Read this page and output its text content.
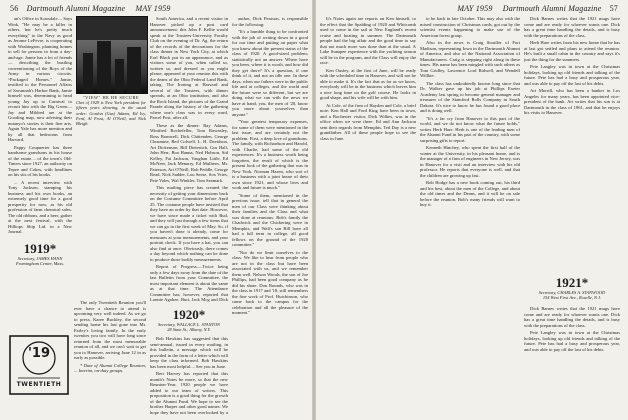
56 Dartmouth Alumni Magazine MAY 1959	MAY 1959 Dartmouth Alumni Magazine 57

an's Office in Scarsdale.... Says Wink, "He may be a killer in others, but he's pretty much everything" to the Navy as good as Jerome LeFevre, is cooperating with Washington, planning homes to sell for persons in from a day-and-age. Jamie has a lot of friends— describing the bustling conventioning of the Boys of the Army in various circuits. “Packaged Homes.” Jamie, testified to the Personnel Affairs of Savannah's Harbor Bank, Jamie himself was, determining to head young Jay up to Carnival to recruit him with the Big Green.... Jay and Mildred are at the Gooding map, now advising their nutanyo's stories is their fine arts. Again Yale has more mention and by all that bedrooms from Harvard.

Pappy Coupnerter has three handsome grandsons in his house of the estate.... of the town's Old-Timers since 1927, an authority on Tepee and Cokes, with headlines on his sits of his books.

... A recent interview with Tony Jackson, stamping his business and his own books, an extremely good time for a good prosperity for now, as his old profession of farm chemical sales. The old ribbons, and a beer, gather at the next festival, with the Hilltops Ship Ltd. in a New Journal.

1919*
Secretary, JAMES HANN
Framingham Center, Mass.
'19
TWENTIETH

The only Twentieth Reunion you'll ever have a chance to attend is upcoming very well indeed. As we go to press, Karee Buckley, the second sending home his last gone into Mr. Farley's loving family. In the early twenties you two will have long since returned from the most memorable reunion of all, and we can't wait to get you to Hanover, arriving June 12 in as early as possible.

* Date of Alumni College Reunion, ... Interim, on-duty groups.

"VIEW" HE HE SECURE
Chet of 1929 is New York president for fifteen years showing, in the usual order: Gordon (Gus) Adams, Ed Ivy, Ferd, Al Frost, Al O'Neill, and Nick Bleigh.

South America, and a recent visitor in Hanover picked up a post card announcement: this John F. Kellie would speak at the Trustees-University Faculty Club on the evening of Dr. Ag. the return of the records of the decorations for the class dinner in New York City, at which Earl Black put in an appearance, and as visitors some of you, when called so, written so, and dressed as you might please, appeared at your reunion this with the deans of the Ohio Federal Land Bank, taking. The Ironing at Harvard and several of the Trustees, with dinner spreads, at an Ohio institution, and also the Rock Island, the pictures of the Grand Parade along the history of the gathering where one's class was in every ward, Parcel Post, after all.

These as the dinner: Ray Adams, Winifred Rochefeller, Tom Rawnsley, Ross Branwell, Dick Chittenden, George Chusmine, Red Colwell, L. H. Davidson, Art Dickenson, Bill Dieteritch, Gus Hall, John Herr, Boa Hanna, Ned Hobson, Sid Kelley, Fat Jackson, Vaughan Little, Ed McNeer, Jack Menarry, Ed Mulhern, Mr. Paterson, Art O'Neill, Bob Peddle, George Read, Nick Sadder, Lou Seese, Sox Vries, Pete Voles, Wal Winkler, Tom Seamark.

This mailing piece has created the necessity of getting your dimensions back on the Costume Committee before April 25. The costume people have insisted that they have an order by that date. However, we have since made a ticket with Bud, and they will just through a few items that we can go in the first week of May. So, if you haven't done it already, come for measures at your measurements, and your portrait check. If you have a hat, you can also find at once. Obviously, there comes a day beyond which nothing can be done to produce those bodily measurements.

Report of Progress.—Twice being only a few days away from the date of the last Bulletin from your Committee, the most important element is about the same as at that time. The Attendance Committee has, however, reported that Lonnie Agohee, Burt, Jack Mcg and Dick

1920*
Secretary, WALLACE L. STANTON
28 State St., Albany, N.Y.

Bob Hawkins has suggested that this semi-annual, issued in every mailing, in this bulletin, a message which will be provided in the form of a letter which will keep the class informed. Bob Hawkins has been most helpful.... See you in June.

Bert Harvey has reported that this month's Notes be more, so that the new Reunion-Year, 1920 people we have added to our team of writers. This proposition is a good thing for the growth of the Alumni Fund. We hope to see the brother Harper and other good names. We hope they have not been overlooked by a

author, Dick Pearson, is responsible for the following:

"It's a humble thing to be confronted with the job of writing down in a good for our time and putting on paper what you know about the present status of the class of 1920. A good-sized problem; statistically not an answer. Where have you been, where it is worth, and how did they get there? It's a question, if one think of it, and not an idle one. In these days, when our fathers were in the public life and at colleges, and the world and the future were so different, but we are doing what we can with the news we have at hand, you, the men of '20, know you more about yourselves than anyone."

"Your greatest temporary expenses, for some of them were mentioned in the last issue, and are certainly not the problem. First, a deep love of grandsons. The family, with Richardson and Harold, with Charlie, had some of the old experiences. It's a business worth being forgotten, the result of which is the present look of the gathering that was in New York. Norman Hazen, who sort of is a business with a joint house of their own since 1921, and whose lives and work and future is much."

"Some of them, mentioned in the previous issue, tell that in general the men of our Class were thinking about their families and the Class and what was done at reunions. Bob's family the Chadwick and the Chickering were in Memphis, and Walt's son Bill have all had a full term in college, all good fellows on the ground of the 1920 committee."

"Nor do we limit ourselves to the class. We like to hear from people who are not in the class but have been associated with us, and we remember them well. Nelson Woods, the son of Joe Phillips, had been good company as he did his share. Don Rounds, who was in the class in 1917 and '18, still remembers the fine work of Prof. Hutchinson, who came back to the campus for the celebration and all the pleasure of the moment."

It's Notes again are reports on Ken himself, to the effect that the Spalding of 1920 and Whitcomb used to come in the sail at New England's recent cruise and boating in summer. The Dartmouth people had the big affair and the good time to say that not much more was done than at the usual. A Lake Sunapee experience with the yachting season will be in the program, and the Class will enjoy the race.

Ken Ousley, at the first of June, will be ready with the scheduled time in Hanover, and will not be able to make it. It's the fact that as far as we know, everybody will be in the business which leaves him a nice long time on the golf course. He looks in good shape, and his wife will be with him.

At Cole, of the firm of Hayden and Cole, a brief note: Ken Hall and Ford King have been in town, and a Rochester visitor, Dick Wilkes, was in the office when we were there. Ed and Ann Jackson sent their regards from Memphis. Ted Day is a new grandfather. All of these people hope to see the class in June.

to be back in late October. This may also with the mixed construction of Christmas cards, got out by the scientist events happening to make use of the American forest group.

Also in the news is Craig Stouffer of Fort Madison, representing Iowa in the Dartmouth Alumni of America, and also of the National Association of Manufacturers. Craig is stepping right along in these times. His name has been mingled with such others as Tom Gridley, Lawrence Lord Bidwell, and Wendell Willkie.

The class has undoubtedly known long since that Dr. Walker gave up his job at Phillips Exeter Academy last spring to become general manager and treasurer of the Stamford Rolls Company in South Dakota. It's nice to know he has found a good place and is doing well.

"It's a far cry from Hanover to this part of the world, and we do not know what the future holds," writes Herb Hare. Herb is one of the leading men of the Alumni Fund in his part of the country, with some surprising gifts to report.

Kenneth Hinchey, who spent the first half of the winter at the University, in his pleasant home, and is the manager of a firm of engineers in New Jersey, was in Hanover for a visit and an interview with his old professor. He reports that everyone is well, and that the children are growing up fast.

Bob Hodge has a new book coming out, his third and his best, about the men of the College, and about the old times and the Deans, and it will be on sale before the reunion. Bob's many friends will want to buy it.

Dick Barnes writes that the 1921 mugs have come and are ready for whoever wants one. Dick has a great time handling the details, and is busy with the preparations of the class.

Herb Hare writes from his new home that he has at last got settled and plans to attend the reunion. He's built a small cabin in the country and says it's just the thing for the summers.

Pete Langley was in town at the Christmas holidays, looking up old friends and talking of the future. Pete has had a busy and prosperous year, and was able to pay off the last of his debts.

Art Morrill, who has been a banker in Los Angeles for many years, has been appointed vice-president of the bank. Art writes that his son is at Dartmouth in the class of 1961, and that he enjoys his visits to Hanover.

1921*
Secretary, CHARLES A. STANWOOD
154 West First Ave., Roselle, N.J.

Dick Barnes writes that the 1921 mugs have come and are ready for whoever wants one. Dick has a great time handling the details, and is busy with the preparations of the class.

Pete Langley was in town at the Christmas holidays, looking up old friends and talking of the future. Pete has had a busy and prosperous year, and was able to pay off the last of his debts.
